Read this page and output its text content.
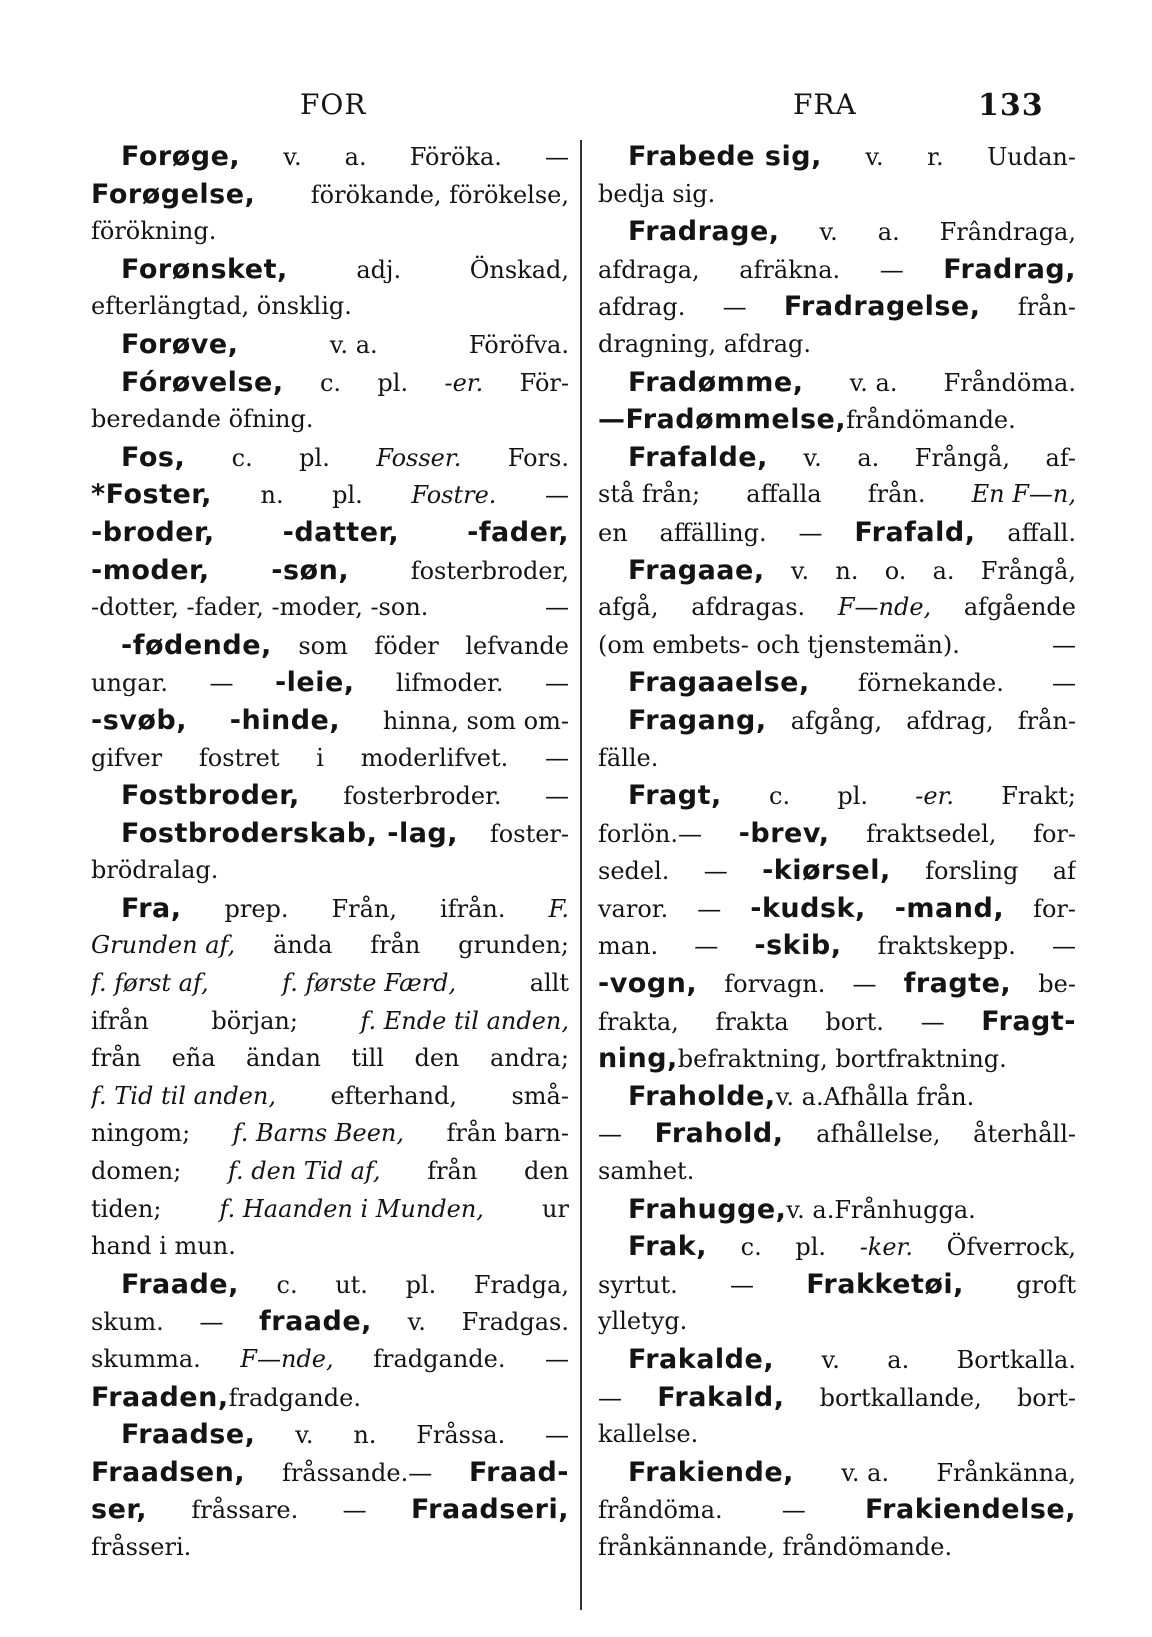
FOR	FRA	133
Forøge, v. a. Föröka. —
Forøgelse, förökande, förökelse,
förökning.
Forønsket,	adj.	Önskad,
efterlängtad, önsklig.
Forøve,	v. a.	Föröfva.
Fórøvelse, c. pl. -er. För-
beredande öfning.
Fos, c. pl. Fosser. Fors.
*Foster, n. pl. Fostre. —
-broder,	-datter,	-fader,
-moder, -søn,	fosterbroder,
-dotter, -fader, -moder, -son.	—
-fødende, som föder lefvande
ungar. — -leie, lifmoder. —
-svøb, -hinde, hinna, som om-
gifver fostret i moderlifvet. —
Fostbroder, fosterbroder. —
Fostbroderskab, -lag, foster-
brödralag.
Fra, prep. Från, ifrån. F.
Grunden af, ända från grunden;
f. først af,	f. første Færd,	allt
ifrån	början;	f. Ende til anden,
från eña ändan till den andra;
f. Tid til anden, efterhand, små-
ningom; f. Barns Been, från barn-
domen; f. den Tid af, från den
tiden; f. Haanden i Munden, ur
hand i mun.
Fraade, c. ut. pl. Fradga,
skum. — fraade, v. Fradgas.
skumma. F—nde, fradgande. —
Fraaden, fradgande.
Fraadse, v. n. Fråssa. —
Fraadsen, fråssande.— Fraad-
ser, fråssare. — Fraadseri,
fråsseri.
Frabede sig, v. r. Uudan-
bedja sig.
Fradrage, v. a. Frândraga,
afdraga, afräkna. — Fradrag,
afdrag. — Fradragelse, från-
dragning, afdrag.
Fradømme, v. a. Fråndöma.
—Fradømmelse, fråndömande.
Frafalde, v. a. Frångå, af-
stå från; affalla från. En F—n,
en affälling. — Frafald, affall.
Fragaae, v. n. o. a. Frångå,
afgå, afdragas. F—nde, afgående
(om embets- och tjenstemän).	—
Fragaaelse, förnekande. —
Fragang, afgång, afdrag, från-
fälle.
Fragt, c. pl. -er. Frakt;
forlön.— -brev, fraktsedel, for-
sedel. — -kiørsel, forsling af
varor. — -kudsk, -mand, for-
man. — -skib, fraktskepp. —
-vogn, forvagn. — fragte, be-
frakta, frakta bort. — Fragt-
ning, befraktning, bortfraktning.
Fraholde, v. a. Afhålla från.
— Frahold, afhållelse, återhåll-
samhet.
Frahugge, v. a. Frånhugga.
Frak, c. pl. -ker. Öfverrock,
syrtut. — Frakketøi, groft
ylletyg.
Frakalde, v. a. Bortkalla.
— Frakald, bortkallande, bort-
kallelse.
Frakiende, v. a. Frånkänna,
fråndöma. — Frakiendelse,
frånkännande, fråndömande.
